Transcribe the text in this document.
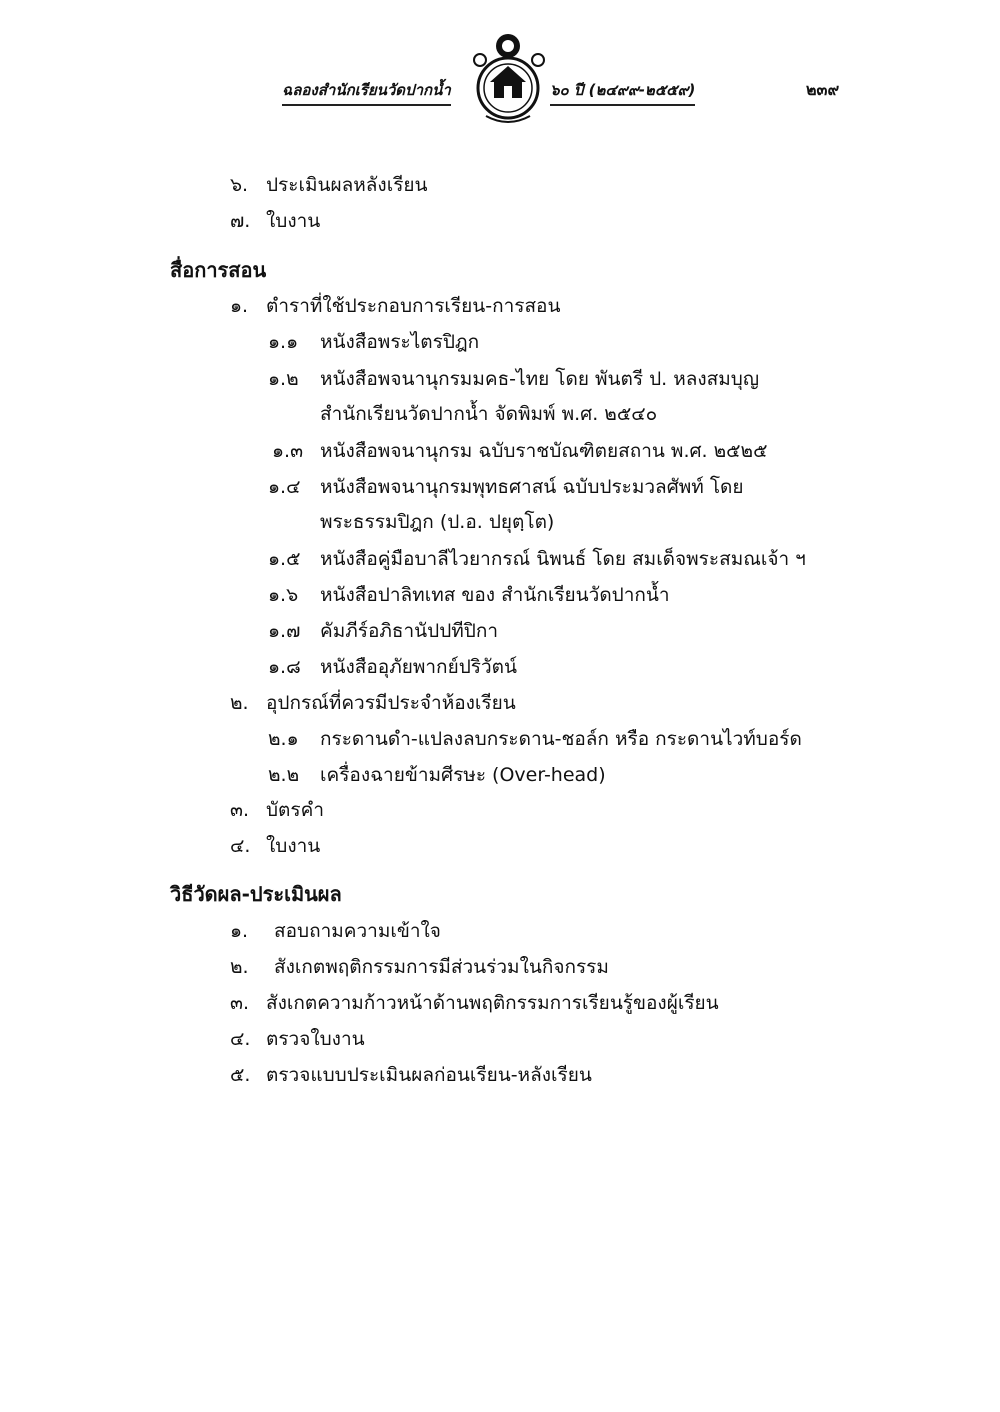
ฉลองสำนักเรียนวัดปากน้ำ	๖๐ ปี (๒๔๙๙-๒๕๕๙)	๒๓๙
๖. ประเมินผลหลังเรียน
๗. ใบงาน
สื่อการสอน
๑. ตำราที่ใช้ประกอบการเรียน-การสอน
๑.๑ หนังสือพระไตรปิฎก
๑.๒ หนังสือพจนานุกรมมคธ-ไทย โดย พันตรี ป. หลงสมบุญ
สำนักเรียนวัดปากน้ำ จัดพิมพ์ พ.ศ. ๒๕๔๐
๑.๓ หนังสือพจนานุกรม ฉบับราชบัณฑิตยสถาน พ.ศ. ๒๕๒๕
๑.๔ หนังสือพจนานุกรมพุทธศาสน์ ฉบับประมวลศัพท์ โดย
พระธรรมปิฎก (ป.อ. ปยุตฺโต)
๑.๕ หนังสือคู่มือบาลีไวยากรณ์ นิพนธ์ โดย สมเด็จพระสมณเจ้า ฯ
๑.๖ หนังสือปาลิทเทส ของ สำนักเรียนวัดปากน้ำ
๑.๗ คัมภีร์อภิธานัปปทีปิกา
๑.๘ หนังสืออุภัยพากย์ปริวัตน์
๒. อุปกรณ์ที่ควรมีประจำห้องเรียน
๒.๑ กระดานดำ-แปลงลบกระดาน-ชอล์ก หรือ กระดานไวท์บอร์ด
๒.๒ เครื่องฉายข้ามศีรษะ (Over-head)
๓. บัตรคำ
๔. ใบงาน
วิธีวัดผล-ประเมินผล
๑. สอบถามความเข้าใจ
๒. สังเกตพฤติกรรมการมีส่วนร่วมในกิจกรรม
๓. สังเกตความก้าวหน้าด้านพฤติกรรมการเรียนรู้ของผู้เรียน
๔. ตรวจใบงาน
๕. ตรวจแบบประเมินผลก่อนเรียน-หลังเรียน
